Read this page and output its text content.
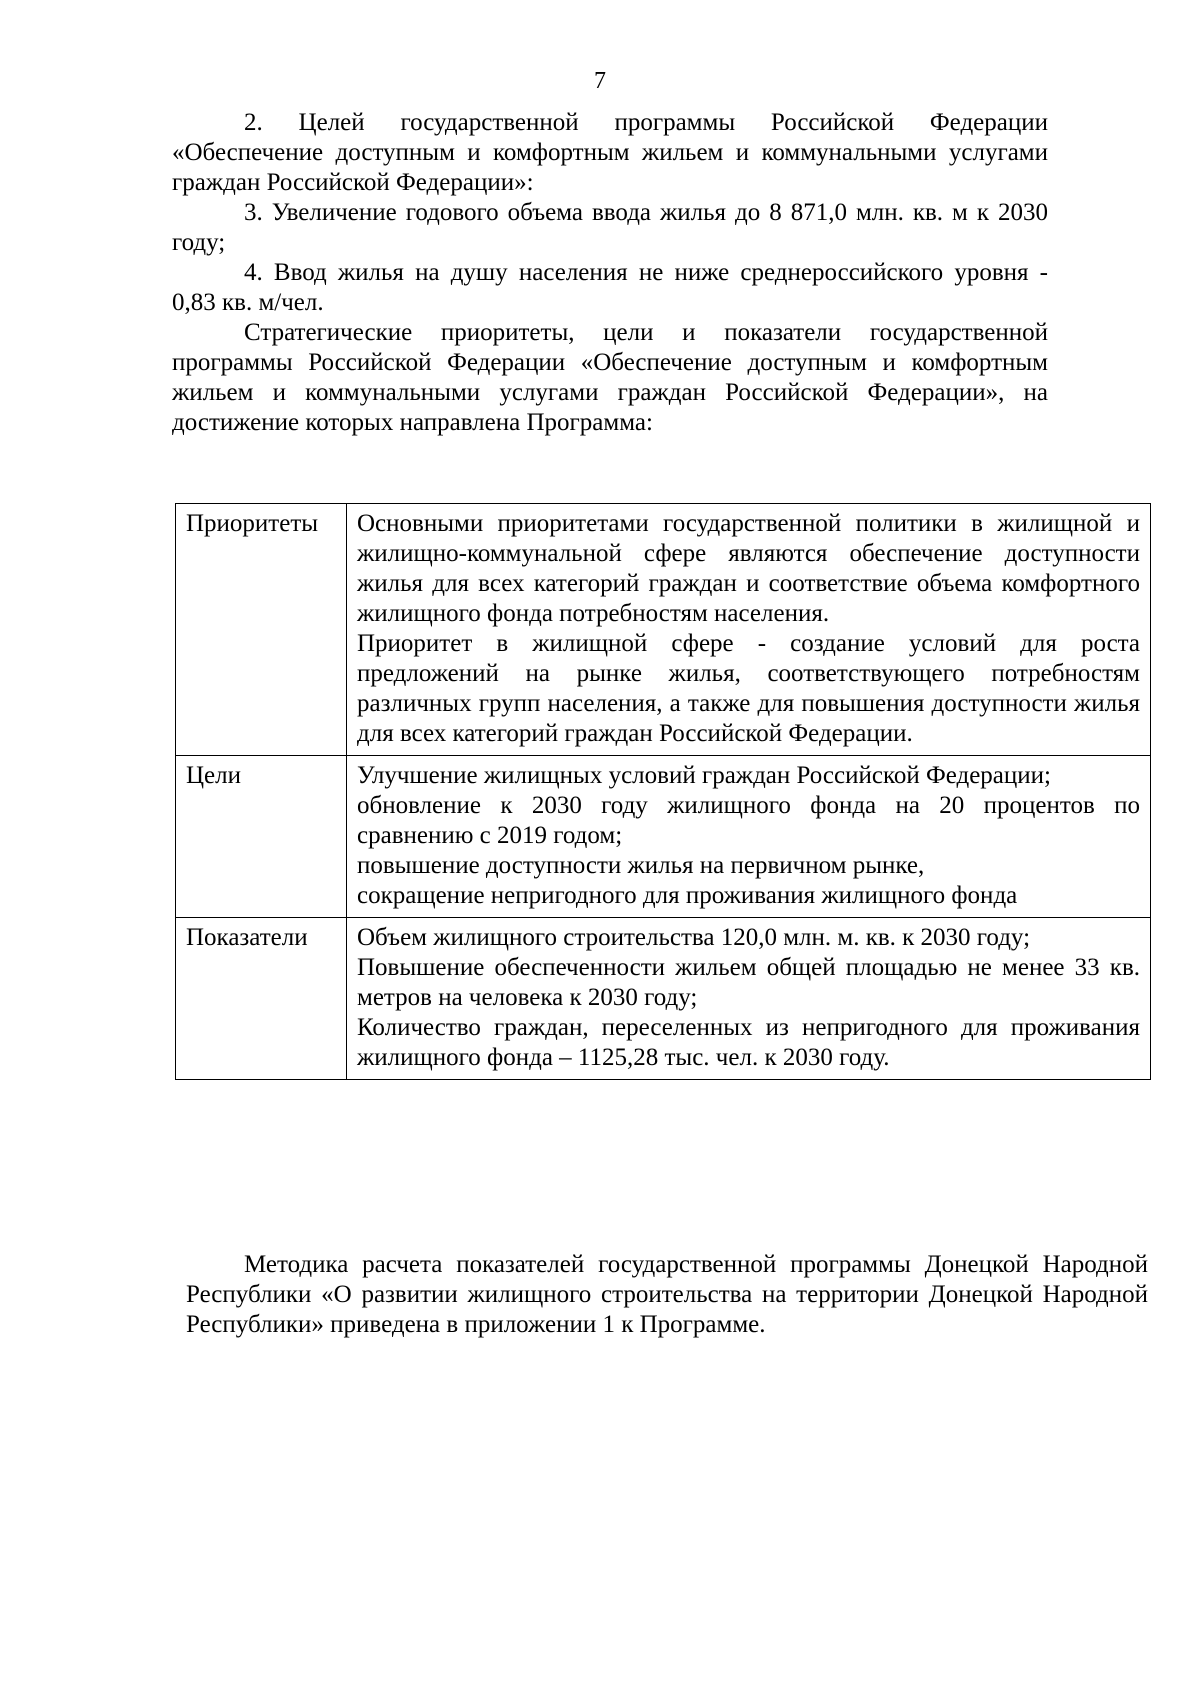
7

2. Целей государственной программы Российской Федерации «Обеспечение доступным и комфортным жильем и коммунальными услугами граждан Российской Федерации»:

3. Увеличение годового объема ввода жилья до 8 871,0 млн. кв. м к 2030 году;

4. Ввод жилья на душу населения не ниже среднероссийского уровня - 0,83 кв. м/чел.

Стратегические приоритеты, цели и показатели государственной программы Российской Федерации «Обеспечение доступным и комфортным жильем и коммунальными услугами граждан Российской Федерации», на достижение которых направлена Программа:

Приоритеты	Основными приоритетами государственной политики в жилищной и жилищно-коммунальной сфере являются обеспечение доступности жилья для всех категорий граждан и соответствие объема комфортного жилищного фонда потребностям населения.

Приоритет в жилищной сфере - создание условий для роста предложений на рынке жилья, соответствующего потребностям различных групп населения, а также для повышения доступности жилья для всех категорий граждан Российской Федерации.

Цели	Улучшение жилищных условий граждан Российской Федерации;

обновление к 2030 году жилищного фонда на 20 процентов по сравнению с 2019 годом;

повышение доступности жилья на первичном рынке,

сокращение непригодного для проживания жилищного фонда

Показатели	Объем жилищного строительства 120,0 млн. м. кв. к 2030 году;

Повышение обеспеченности жильем общей площадью не менее 33 кв. метров на человека к 2030 году;

Количество граждан, переселенных из непригодного для проживания жилищного фонда – 1125,28 тыс. чел. к 2030 году.

Методика расчета показателей государственной программы Донецкой Народной Республики «О развитии жилищного строительства на территории Донецкой Народной Республики» приведена в приложении 1 к Программе.
